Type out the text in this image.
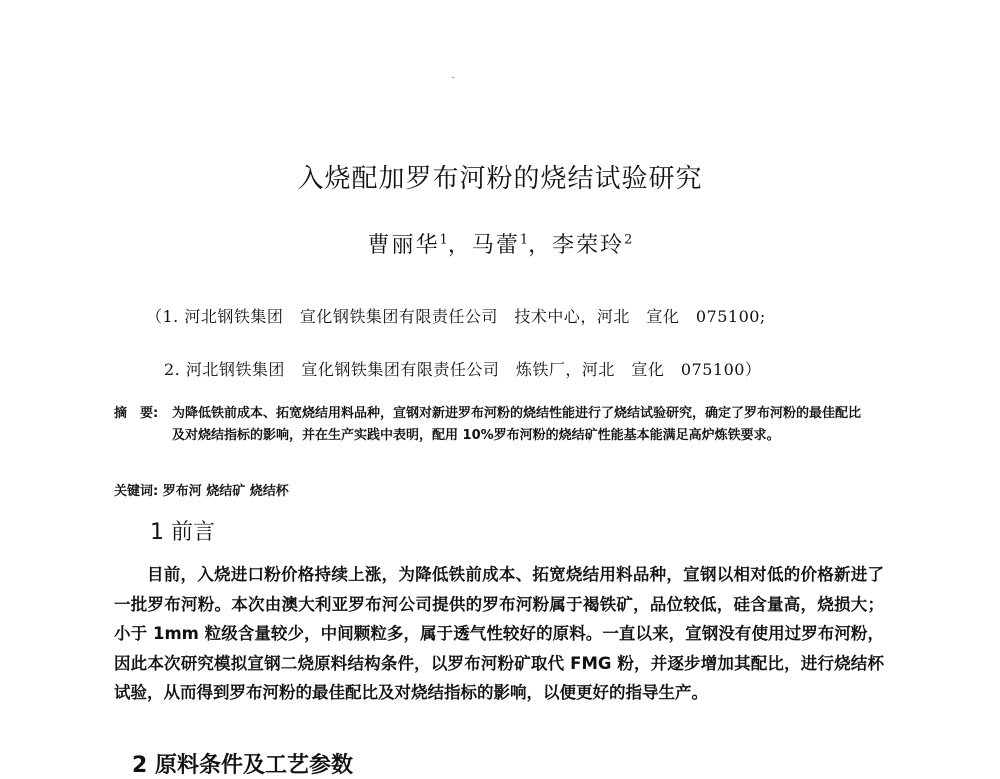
入烧配加罗布河粉的烧结试验研究
曹丽华$^1$，马蕾$^1$，李荣玲$^2$
（1. 河北钢铁集团　宣化钢铁集团有限责任公司　技术中心，河北　宣化　075100;
2. 河北钢铁集团　宣化钢铁集团有限责任公司　炼铁厂，河北　宣化　075100）
摘　要: 为降低铁前成本、拓宽烧结用料品种，宣钢对新进罗布河粉的烧结性能进行了烧结试验研究，确定了罗布河粉的最佳配比及对烧结指标的影响，并在生产实践中表明，配用 10%罗布河粉的烧结矿性能基本能满足高炉炼铁要求。
关键词: 罗布河 烧结矿 烧结杯
1 前言
目前，入烧进口粉价格持续上涨，为降低铁前成本、拓宽烧结用料品种，宣钢以相对低的价格新进了一批罗布河粉。本次由澳大利亚罗布河公司提供的罗布河粉属于褐铁矿，品位较低，硅含量高，烧损大；小于 1mm 粒级含量较少，中间颗粒多，属于透气性较好的原料。一直以来，宣钢没有使用过罗布河粉，因此本次研究模拟宣钢二烧原料结构条件，以罗布河粉矿取代 FMG 粉，并逐步增加其配比，进行烧结杯试验，从而得到罗布河粉的最佳配比及对烧结指标的影响，以便更好的指导生产。
2 原料条件及工艺参数
